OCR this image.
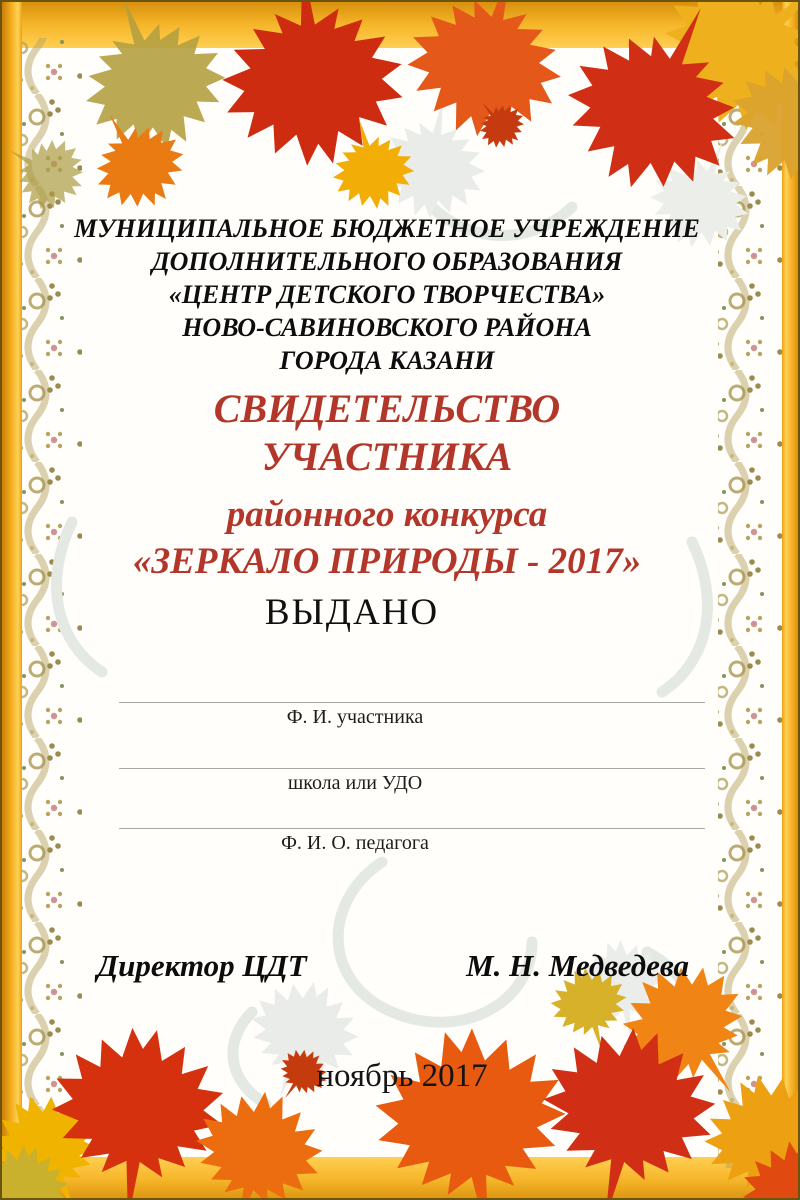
МУНИЦИПАЛЬНОЕ БЮДЖЕТНОЕ УЧРЕЖДЕНИЕ
ДОПОЛНИТЕЛЬНОГО ОБРАЗОВАНИЯ
«ЦЕНТР ДЕТСКОГО ТВОРЧЕСТВА»
НОВО-САВИНОВСКОГО РАЙОНА
ГОРОДА КАЗАНИ
СВИДЕТЕЛЬСТВО
УЧАСТНИКА
районного конкурса
«ЗЕРКАЛО ПРИРОДЫ - 2017»
ВЫДАНО
Ф. И. участника
школа или УДО
Ф. И. О. педагога
Директор ЦДТ	М. Н. Медведева
ноябрь 2017
